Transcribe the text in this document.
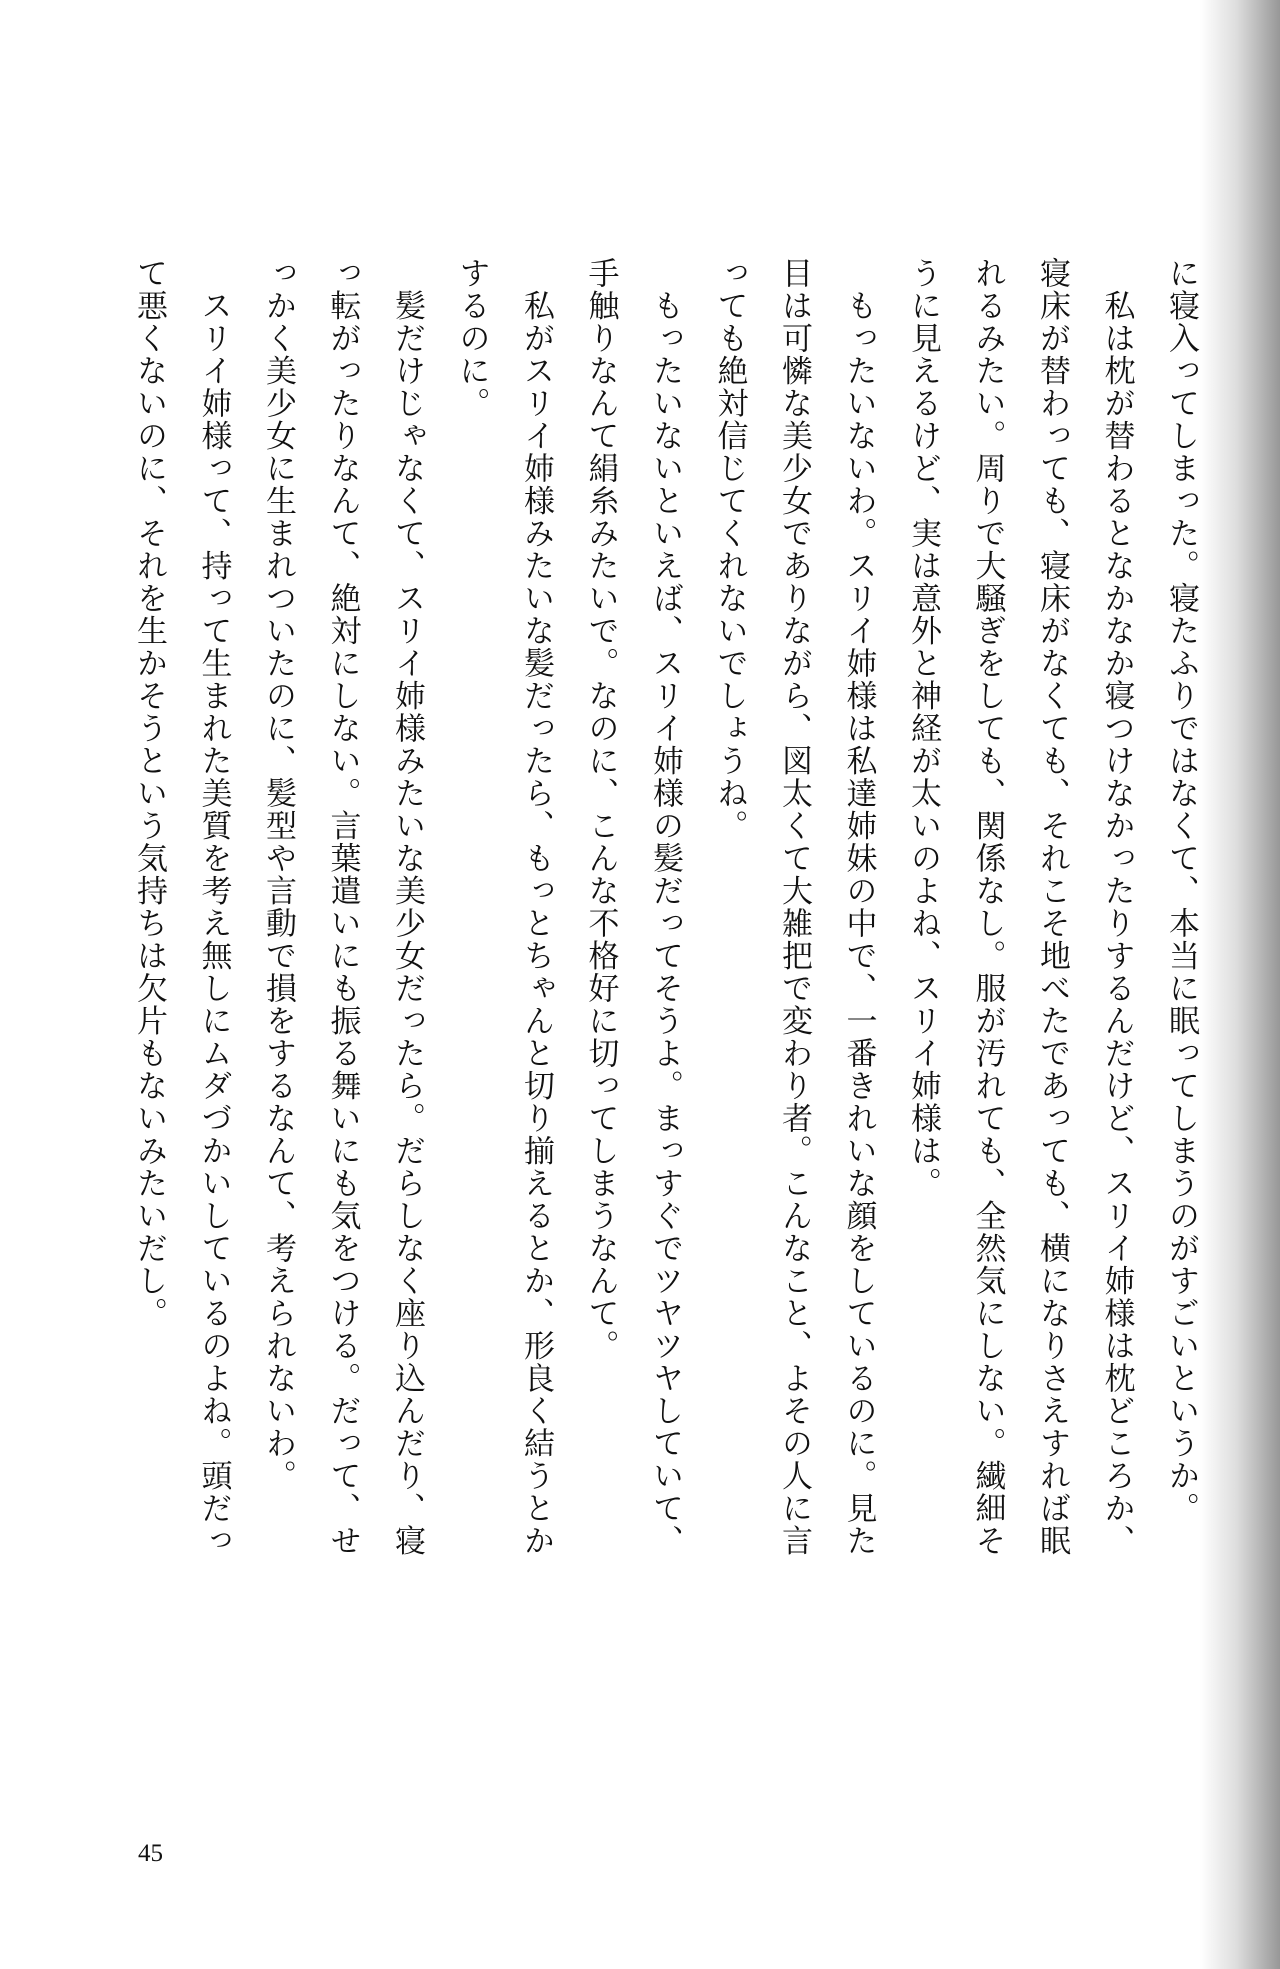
に寝入ってしまった。寝たふりではなくて、本当に眠ってしまうのがすごいというか。

　私は枕が替わるとなかなか寝つけなかったりするんだけど、スリイ姉様は枕どころか、

寝床が替わっても、寝床がなくても、それこそ地べたであっても、横になりさえすれば眠

れるみたい。周りで大騒ぎをしても、関係なし。服が汚れても、全然気にしない。繊細そ

うに見えるけど、実は意外と神経が太いのよね、スリイ姉様は。

　もったいないわ。スリイ姉様は私達姉妹の中で、一番きれいな顔をしているのに。見た

目は可憐な美少女でありながら、図太くて大雑把で変わり者。こんなこと、よその人に言

っても絶対信じてくれないでしょうね。

　もったいないといえば、スリイ姉様の髪だってそうよ。まっすぐでツヤツヤしていて、

手触りなんて絹糸みたいで。なのに、こんな不格好に切ってしまうなんて。

　私がスリイ姉様みたいな髪だったら、もっとちゃんと切り揃えるとか、形良く結うとか

するのに。

　髪だけじゃなくて、スリイ姉様みたいな美少女だったら。だらしなく座り込んだり、寝

っ転がったりなんて、絶対にしない。言葉遣いにも振る舞いにも気をつける。だって、せ

っかく美少女に生まれついたのに、髪型や言動で損をするなんて、考えられないわ。

　スリイ姉様って、持って生まれた美質を考え無しにムダづかいしているのよね。頭だっ

て悪くないのに、それを生かそうという気持ちは欠片もないみたいだし。

45
